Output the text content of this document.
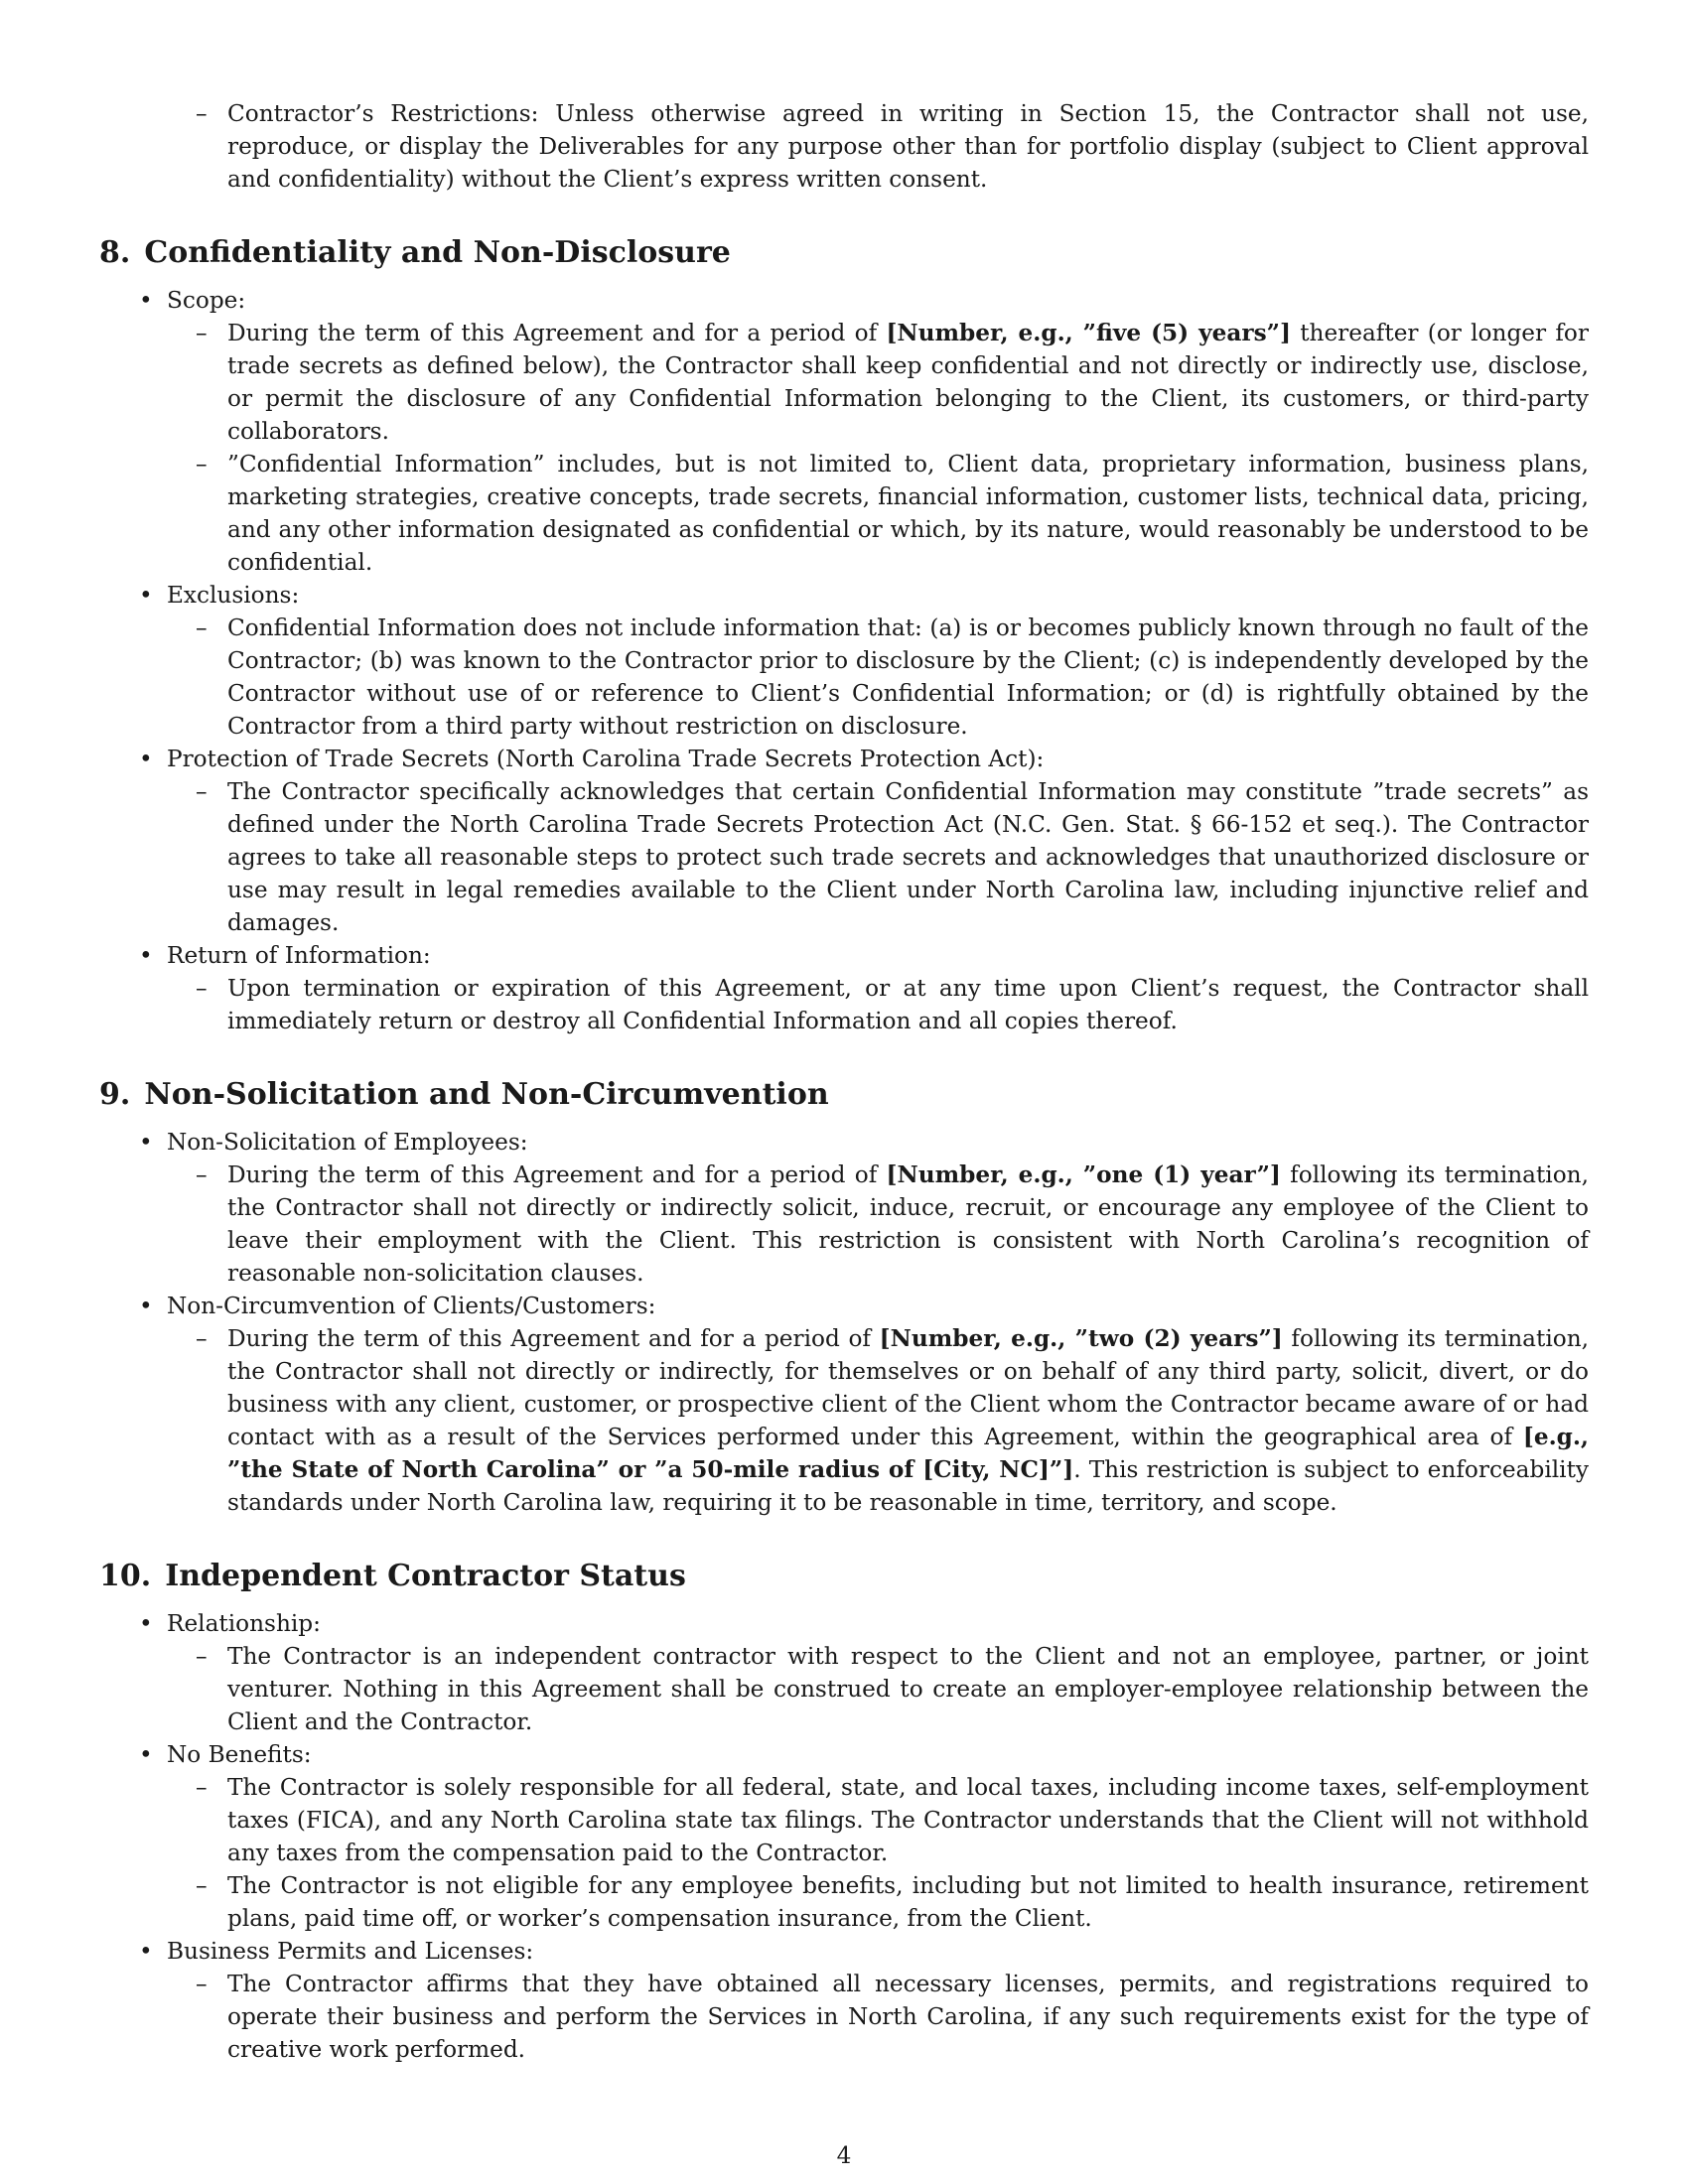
– Contractor’s Restrictions: Unless otherwise agreed in writing in Section 15, the Contractor shall not use, reproduce, or display the Deliverables for any purpose other than for portfolio display (subject to Client approval and confidentiality) without the Client’s express written consent.

8. Confidentiality and Non-Disclosure

• Scope:

– During the term of this Agreement and for a period of [Number, e.g., ”five (5) years”] thereafter (or longer for trade secrets as defined below), the Contractor shall keep confidential and not directly or indirectly use, disclose, or permit the disclosure of any Confidential Information belonging to the Client, its customers, or third-party collaborators.

– ”Confidential Information” includes, but is not limited to, Client data, proprietary information, business plans, marketing strategies, creative concepts, trade secrets, financial information, customer lists, technical data, pricing, and any other information designated as confidential or which, by its nature, would reasonably be understood to be confidential.

• Exclusions:

– Confidential Information does not include information that: (a) is or becomes publicly known through no fault of the Contractor; (b) was known to the Contractor prior to disclosure by the Client; (c) is independently developed by the Contractor without use of or reference to Client’s Confidential Information; or (d) is rightfully obtained by the Contractor from a third party without restriction on disclosure.

• Protection of Trade Secrets (North Carolina Trade Secrets Protection Act):

– The Contractor specifically acknowledges that certain Confidential Information may constitute ”trade secrets” as defined under the North Carolina Trade Secrets Protection Act (N.C. Gen. Stat. § 66-152 et seq.). The Contractor agrees to take all reasonable steps to protect such trade secrets and acknowledges that unauthorized disclosure or use may result in legal remedies available to the Client under North Carolina law, including injunctive relief and damages.

• Return of Information:

– Upon termination or expiration of this Agreement, or at any time upon Client’s request, the Contractor shall immediately return or destroy all Confidential Information and all copies thereof.

9. Non-Solicitation and Non-Circumvention

• Non-Solicitation of Employees:

– During the term of this Agreement and for a period of [Number, e.g., ”one (1) year”] following its termination, the Contractor shall not directly or indirectly solicit, induce, recruit, or encourage any employee of the Client to leave their employment with the Client. This restriction is consistent with North Carolina’s recognition of reasonable non-solicitation clauses.

• Non-Circumvention of Clients/Customers:

– During the term of this Agreement and for a period of [Number, e.g., ”two (2) years”] following its termination, the Contractor shall not directly or indirectly, for themselves or on behalf of any third party, solicit, divert, or do business with any client, customer, or prospective client of the Client whom the Contractor became aware of or had contact with as a result of the Services performed under this Agreement, within the geographical area of [e.g., ”the State of North Carolina” or ”a 50-mile radius of [City, NC]”]. This restriction is subject to enforceability standards under North Carolina law, requiring it to be reasonable in time, territory, and scope.

10. Independent Contractor Status

• Relationship:

– The Contractor is an independent contractor with respect to the Client and not an employee, partner, or joint venturer. Nothing in this Agreement shall be construed to create an employer-employee relationship between the Client and the Contractor.

• No Benefits:

– The Contractor is solely responsible for all federal, state, and local taxes, including income taxes, self-employment taxes (FICA), and any North Carolina state tax filings. The Contractor understands that the Client will not withhold any taxes from the compensation paid to the Contractor.

– The Contractor is not eligible for any employee benefits, including but not limited to health insurance, retirement plans, paid time off, or worker’s compensation insurance, from the Client.

• Business Permits and Licenses:

– The Contractor affirms that they have obtained all necessary licenses, permits, and registrations required to operate their business and perform the Services in North Carolina, if any such requirements exist for the type of creative work performed.

4
